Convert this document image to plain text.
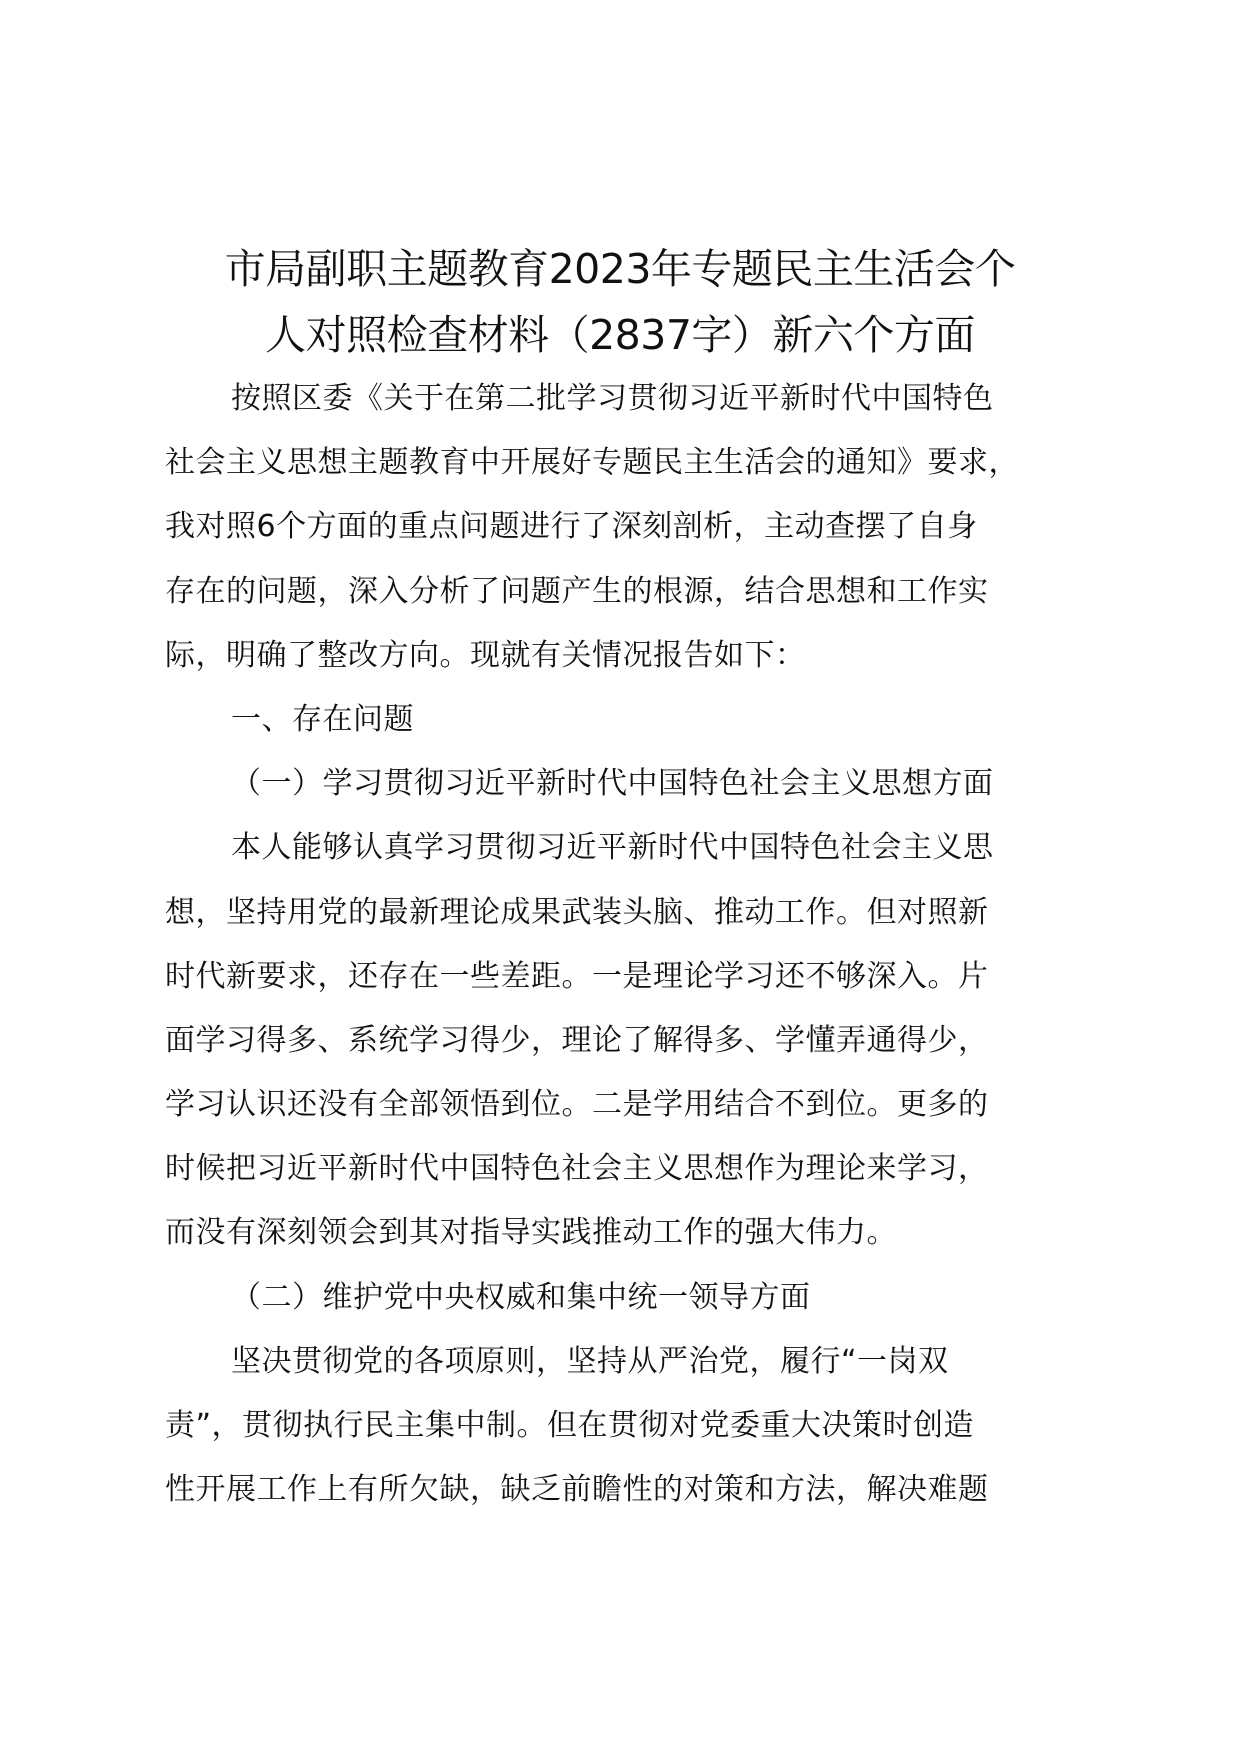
市局副职主题教育2023年专题民主生活会个
人对照检查材料（2837字）新六个方面
按照区委《关于在第二批学习贯彻习近平新时代中国特色
社会主义思想主题教育中开展好专题民主生活会的通知》要求，
我对照6个方面的重点问题进行了深刻剖析，主动查摆了自身
存在的问题，深入分析了问题产生的根源，结合思想和工作实
际，明确了整改方向。现就有关情况报告如下：
一、存在问题
（一）学习贯彻习近平新时代中国特色社会主义思想方面
本人能够认真学习贯彻习近平新时代中国特色社会主义思
想，坚持用党的最新理论成果武装头脑、推动工作。但对照新
时代新要求，还存在一些差距。一是理论学习还不够深入。片
面学习得多、系统学习得少，理论了解得多、学懂弄通得少，
学习认识还没有全部领悟到位。二是学用结合不到位。更多的
时候把习近平新时代中国特色社会主义思想作为理论来学习，
而没有深刻领会到其对指导实践推动工作的强大伟力。
（二）维护党中央权威和集中统一领导方面
坚决贯彻党的各项原则，坚持从严治党，履行“一岗双
责”，贯彻执行民主集中制。但在贯彻对党委重大决策时创造
性开展工作上有所欠缺，缺乏前瞻性的对策和方法，解决难题
